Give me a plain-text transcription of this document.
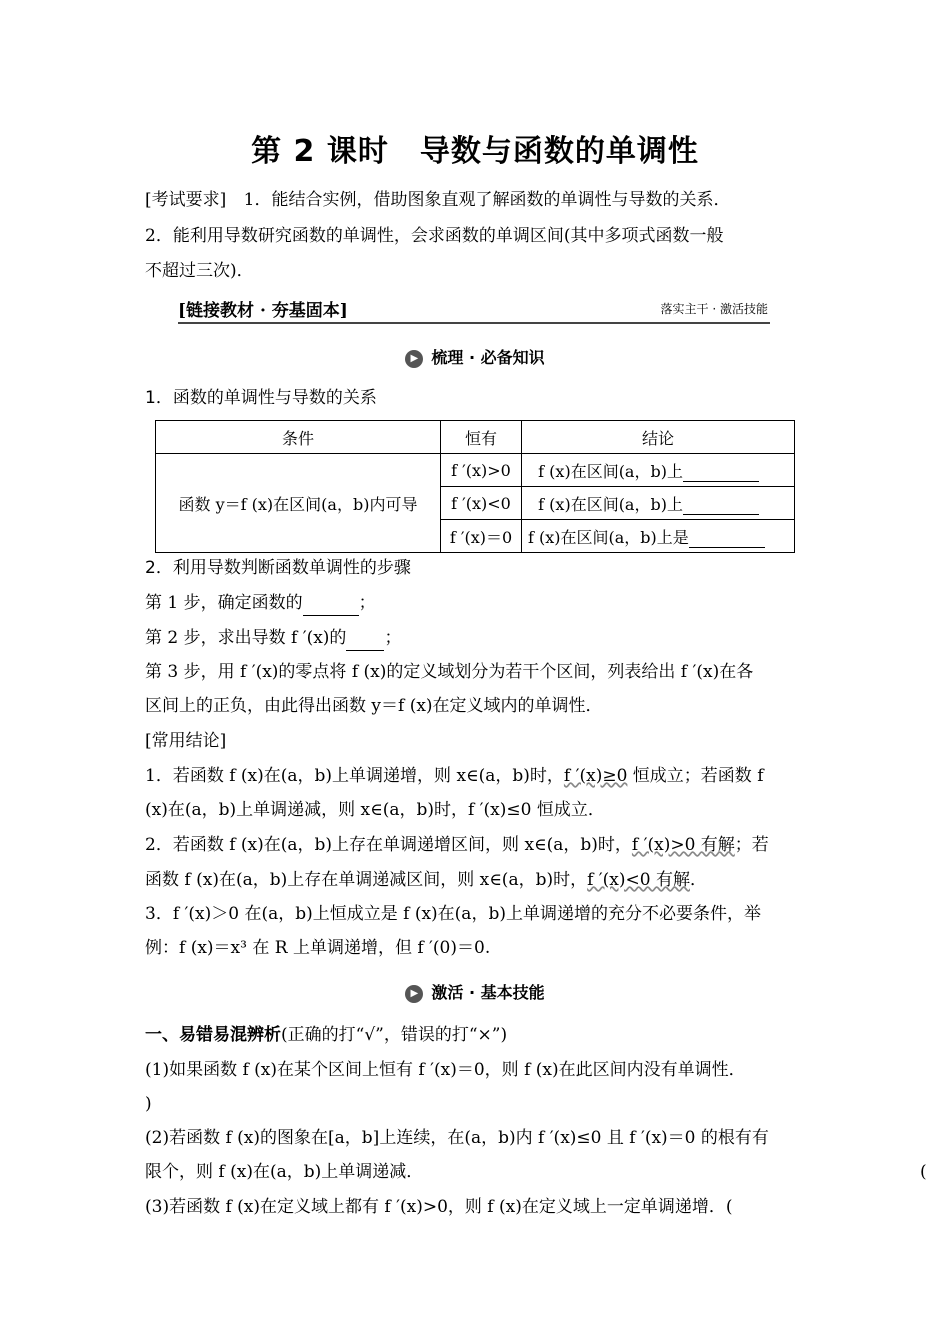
第 2 课时　导数与函数的单调性
[考试要求] 1．能结合实例，借助图象直观了解函数的单调性与导数的关系．
2．能利用导数研究函数的单调性，会求函数的单调区间(其中多项式函数一般
不超过三次)．
[链接教材 · 夯基固本]	落实主干 · 激活技能
▶ 梳理 · 必备知识
1．函数的单调性与导数的关系
条件	恒有	结论
函数 y＝f (x)在区间(a，b)内可导	f ′(x)>0	f (x)在区间(a，b)上
	f ′(x)<0	f (x)在区间(a，b)上
	f ′(x)＝0	f (x)在区间(a，b)上是
2．利用导数判断函数单调性的步骤
第 1 步，确定函数的	；
第 2 步，求出导数 f ′(x)的 ；
第 3 步，用 f ′(x)的零点将 f (x)的定义域划分为若干个区间，列表给出 f ′(x)在各
区间上的正负，由此得出函数 y＝f (x)在定义域内的单调性．
[常用结论]
1．若函数 f (x)在(a，b)上单调递增，则 x∈(a，b)时，f ′(x)≥0 恒成立；若函数 f
(x)在(a，b)上单调递减，则 x∈(a，b)时，f ′(x)≤0 恒成立．
2．若函数 f (x)在(a，b)上存在单调递增区间，则 x∈(a，b)时，f ′(x)>0 有解；若
函数 f (x)在(a，b)上存在单调递减区间，则 x∈(a，b)时，f ′(x)<0 有解．
3．f ′(x)＞0 在(a，b)上恒成立是 f (x)在(a，b)上单调递增的充分不必要条件，举
例：f (x)＝x³ 在 R 上单调递增，但 f ′(0)＝0.
▶ 激活 · 基本技能
一、易错易混辨析(正确的打“√”，错误的打“×”)
(1)如果函数 f (x)在某个区间上恒有 f ′(x)＝0，则 f (x)在此区间内没有单调性．
)
(2)若函数 f (x)的图象在[a，b]上连续，在(a，b)内 f ′(x)≤0 且 f ′(x)＝0 的根有有
限个，则 f (x)在(a，b)上单调递减．	(
(3)若函数 f (x)在定义域上都有 f ′(x)>0，则 f (x)在定义域上一定单调递增．(
